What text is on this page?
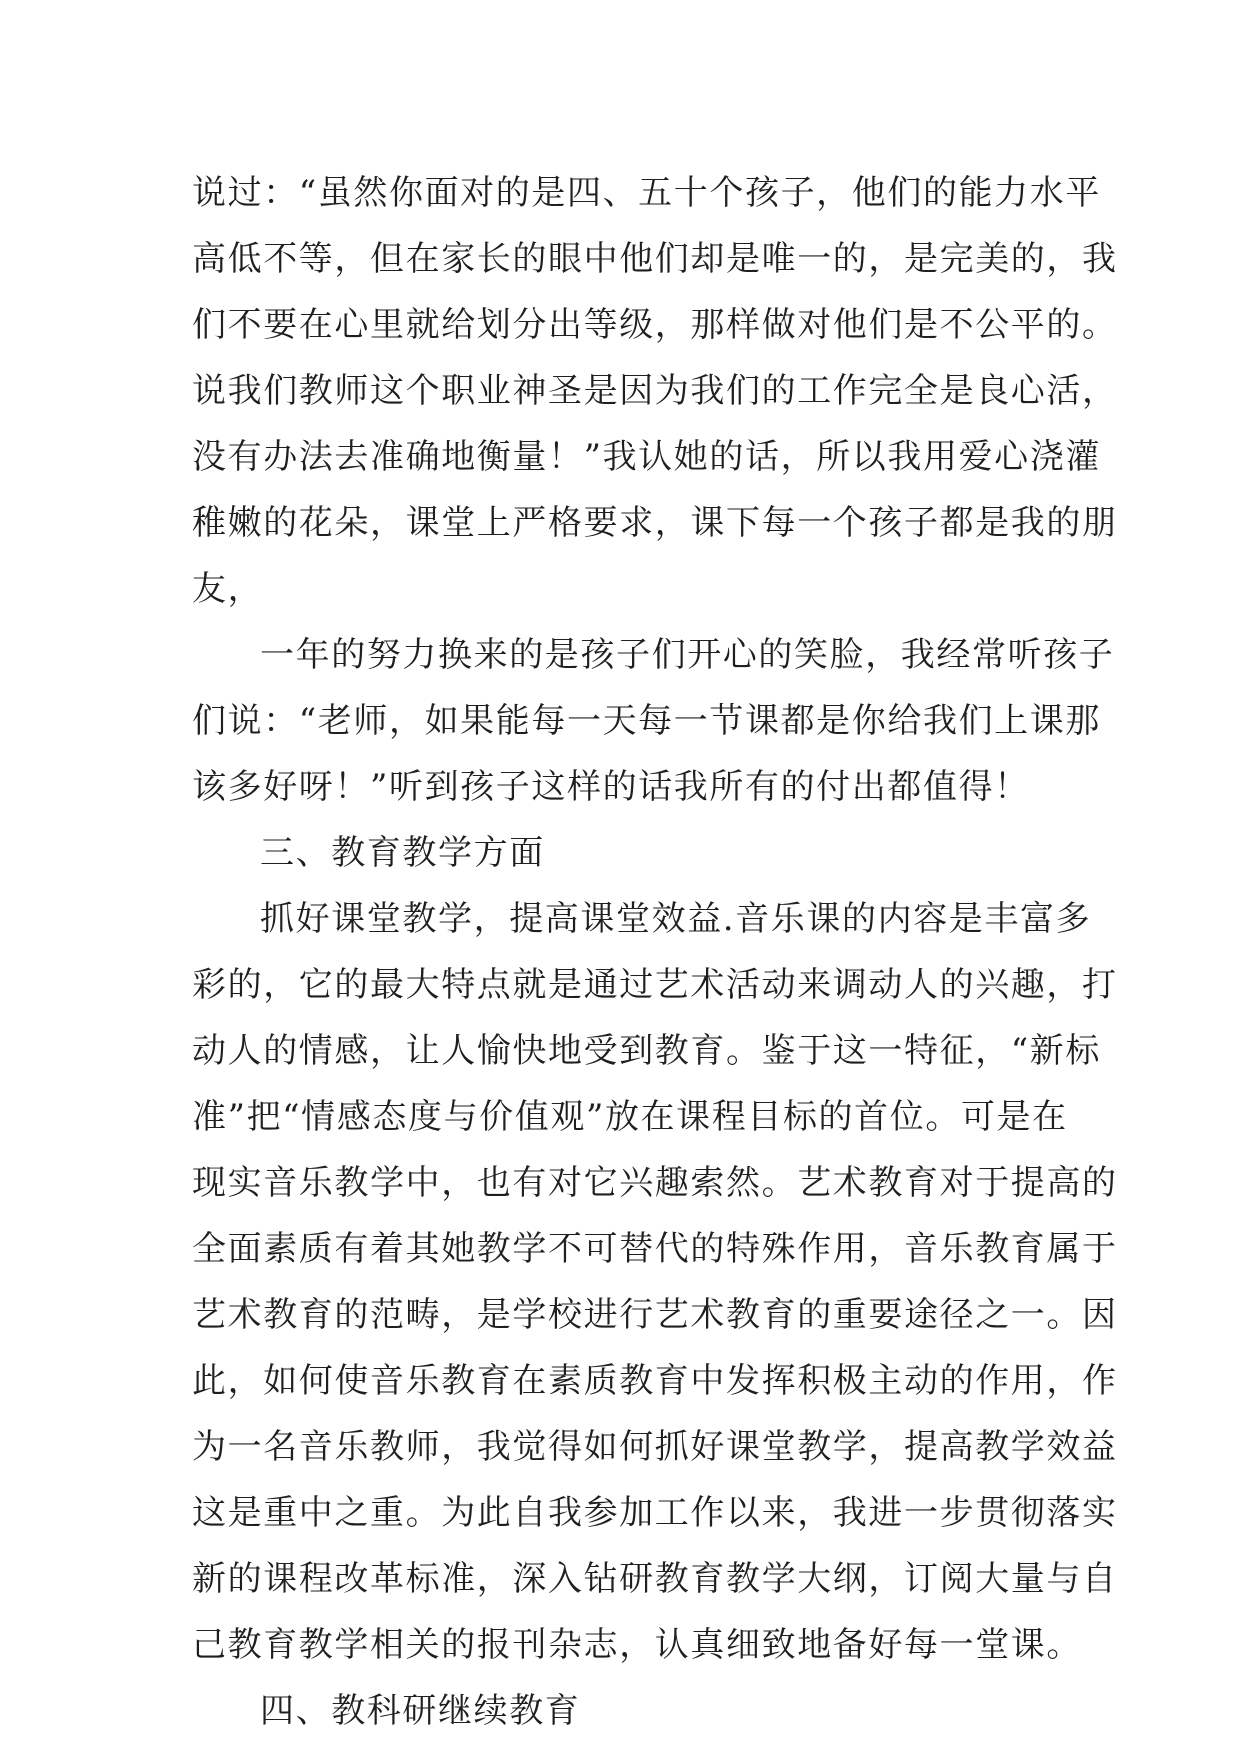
说过：“虽然你面对的是四、五十个孩子，他们的能力水平
高低不等，但在家长的眼中他们却是唯一的，是完美的，我
们不要在心里就给划分出等级，那样做对他们是不公平的。
说我们教师这个职业神圣是因为我们的工作完全是良心活，
没有办法去准确地衡量！”我认她的话，所以我用爱心浇灌
稚嫩的花朵，课堂上严格要求，课下每一个孩子都是我的朋
友，
一年的努力换来的是孩子们开心的笑脸，我经常听孩子
们说：“老师，如果能每一天每一节课都是你给我们上课那
该多好呀！”听到孩子这样的话我所有的付出都值得！
三、教育教学方面
抓好课堂教学，提高课堂效益.音乐课的内容是丰富多
彩的，它的最大特点就是通过艺术活动来调动人的兴趣，打
动人的情感，让人愉快地受到教育。鉴于这一特征，“新标
准”把“情感态度与价值观”放在课程目标的首位。可是在
现实音乐教学中，也有对它兴趣索然。艺术教育对于提高的
全面素质有着其她教学不可替代的特殊作用，音乐教育属于
艺术教育的范畴，是学校进行艺术教育的重要途径之一。因
此，如何使音乐教育在素质教育中发挥积极主动的作用，作
为一名音乐教师，我觉得如何抓好课堂教学，提高教学效益
这是重中之重。为此自我参加工作以来，我进一步贯彻落实
新的课程改革标准，深入钻研教育教学大纲，订阅大量与自
己教育教学相关的报刊杂志，认真细致地备好每一堂课。
四、教科研继续教育
